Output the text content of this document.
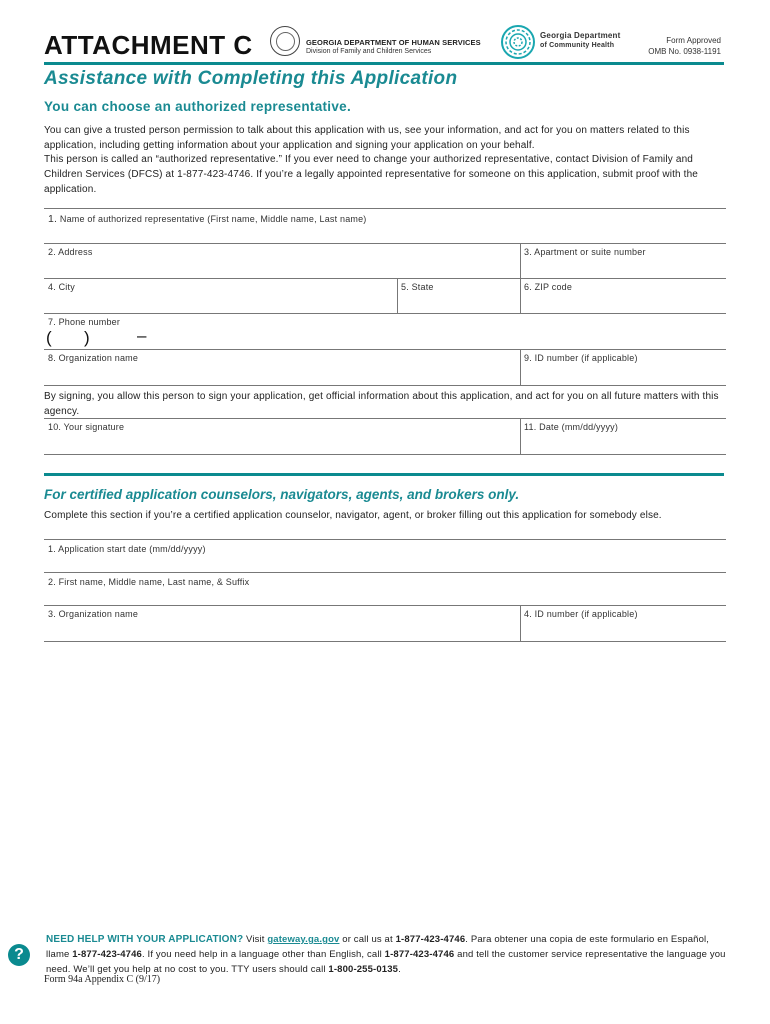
ATTACHMENT C	GEORGIA DEPARTMENT OF HUMAN SERVICES
Division of Family and Children Services
Georgia Department
of Community Health
Form Approved
OMB No. 0938-1191
Assistance with Completing this Application
You can choose an authorized representative.
You can give a trusted person permission to talk about this application with us, see your information, and act for you on matters related to this application, including getting information about your application and signing your application on your behalf.
This person is called an “authorized representative.” If you ever need to change your authorized representative, contact Division of Family and Children Services (DFCS) at 1-877-423-4746. If you’re a legally appointed representative for someone on this application, submit proof with the application.
1. Name of authorized representative (First name, Middle name, Last name)
2. Address	3. Apartment or suite number
4. City	5. State	6. ZIP code
7. Phone number
( )	–
8. Organization name	9. ID number (if applicable)
By signing, you allow this person to sign your application, get official information about this application, and act for you on all future matters with this agency.
10. Your signature	11. Date (mm/dd/yyyy)
For certified application counselors, navigators, agents, and brokers only.
Complete this section if you’re a certified application counselor, navigator, agent, or broker filling out this application for somebody else.
1. Application start date (mm/dd/yyyy)
2. First name, Middle name, Last name, & Suffix
3. Organization name	4. ID number (if applicable)
?
NEED HELP WITH YOUR APPLICATION? Visit gateway.ga.gov or call us at 1-877-423-4746. Para obtener una copia de este formulario en Español, llame 1-877-423-4746. If you need help in a language other than English, call 1-877-423-4746 and tell the customer service representative the language you need. We’ll get you help at no cost to you. TTY users should call 1-800-255-0135.
Form 94a Appendix C (9/17)
